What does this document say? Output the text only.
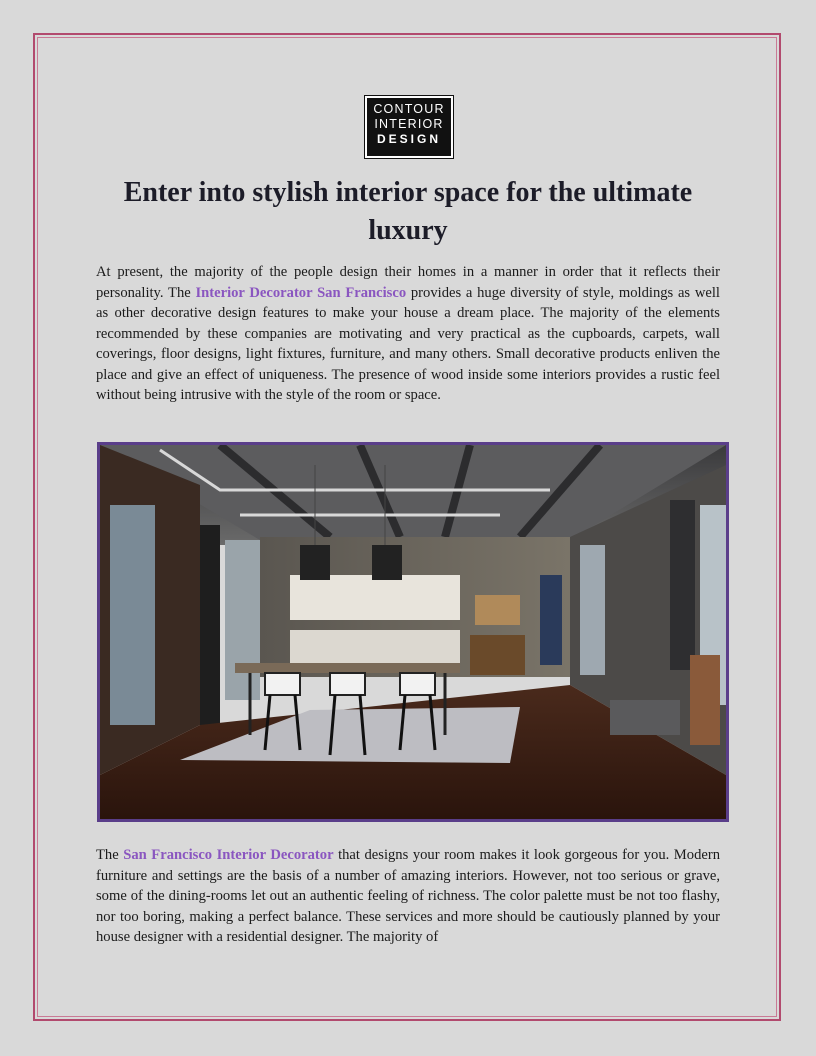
CONTOUR
INTERIOR
DESIGN
Enter into stylish interior space for the ultimate luxury

At present, the majority of the people design their homes in a manner in order that it reflects their personality. The Interior Decorator San Francisco provides a huge diversity of style, moldings as well as other decorative design features to make your house a dream place. The majority of the elements recommended by these companies are motivating and very practical as the cupboards, carpets, wall coverings, floor designs, light fixtures, furniture, and many others. Small decorative products enliven the place and give an effect of uniqueness. The presence of wood inside some interiors provides a rustic feel without being intrusive with the style of the room or space.

The San Francisco Interior Decorator that designs your room makes it look gorgeous for you. Modern furniture and settings are the basis of a number of amazing interiors. However, not too serious or grave, some of the dining-rooms let out an authentic feeling of richness. The color palette must be not too flashy, nor too boring, making a perfect balance. These services and more should be cautiously planned by your house designer with a residential designer. The majority of
